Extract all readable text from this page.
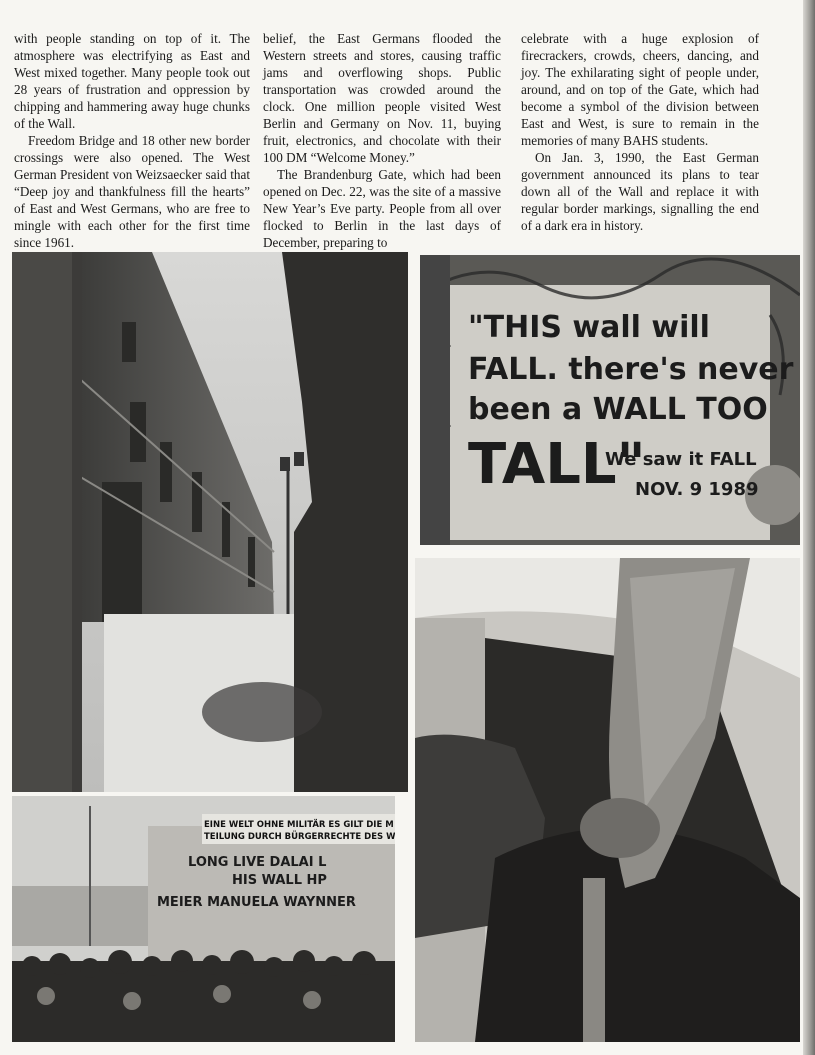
with people standing on top of it. The atmosphere was electrifying as East and West mixed together. Many people took out 28 years of frustration and oppression by chipping and hammering away huge chunks of the Wall.

Freedom Bridge and 18 other new border crossings were also opened. The West German President von Weizsaecker said that “Deep joy and thankfulness fill the hearts” of East and West Germans, who are free to mingle with each other for the first time since 1961.

belief, the East Germans flooded the Western streets and stores, causing traffic jams and overflowing shops. Public transportation was crowded around the clock. One million people visited West Berlin and Germany on Nov. 11, buying fruit, electronics, and chocolate with their 100 DM “Welcome Money.”

The Brandenburg Gate, which had been opened on Dec. 22, was the site of a massive New Year’s Eve party. People from all over flocked to Berlin in the last days of December, preparing to

celebrate with a huge explosion of firecrackers, crowds, cheers, dancing, and joy. The exhilarating sight of people under, around, and on top of the Gate, which had become a symbol of the division between East and West, is sure to remain in the memories of many BAHS students.

On Jan. 3, 1990, the East German government announced its plans to tear down all of the Wall and replace it with regular border markings, signalling the end of a dark era in history.

"THIS wall will
FALL. there's never
been a WALL TOO
TALL"
We saw it FALL
NOV. 9 1989
EINE WELT OHNE MILITÄR ES GILT DIE M
TEILUNG DURCH BÜRGERRECHTE DES W
LONG LIVE DALAI L
HIS WALL HP
MEIER MANUELA WAYNNER
